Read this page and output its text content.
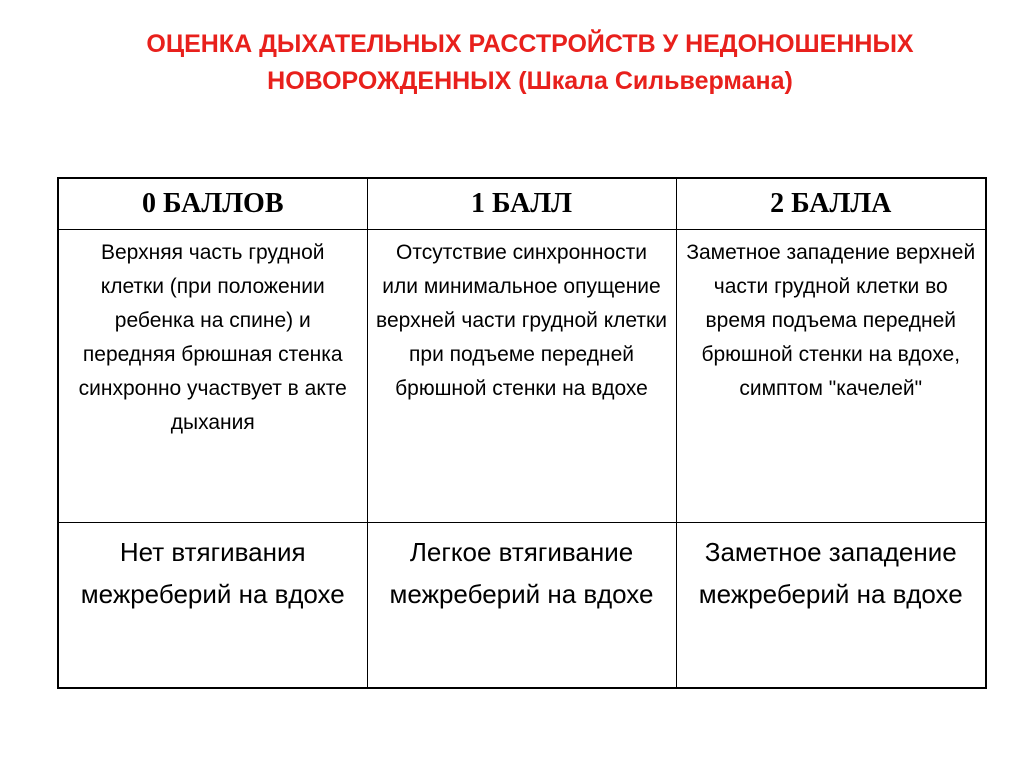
ОЦЕНКА ДЫХАТЕЛЬНЫХ РАССТРОЙСТВ У НЕДОНОШЕННЫХ
НОВОРОЖДЕННЫХ (Шкала Сильвермана)
0 БАЛЛОВ	1 БАЛЛ	2 БАЛЛА
Верхняя часть грудной клетки (при положении ребенка на спине) и передняя брюшная стенка синхронно участвует в акте дыхания	Отсутствие синхронности или минимальное опущение верхней части грудной клетки при подъеме передней брюшной стенки на вдохе	Заметное западение верхней части грудной клетки во время подъема передней брюшной стенки на вдохе, симптом "качелей"
Нет втягивания межреберий на вдохе	Легкое втягивание межреберий на вдохе	Заметное западение межреберий на вдохе
